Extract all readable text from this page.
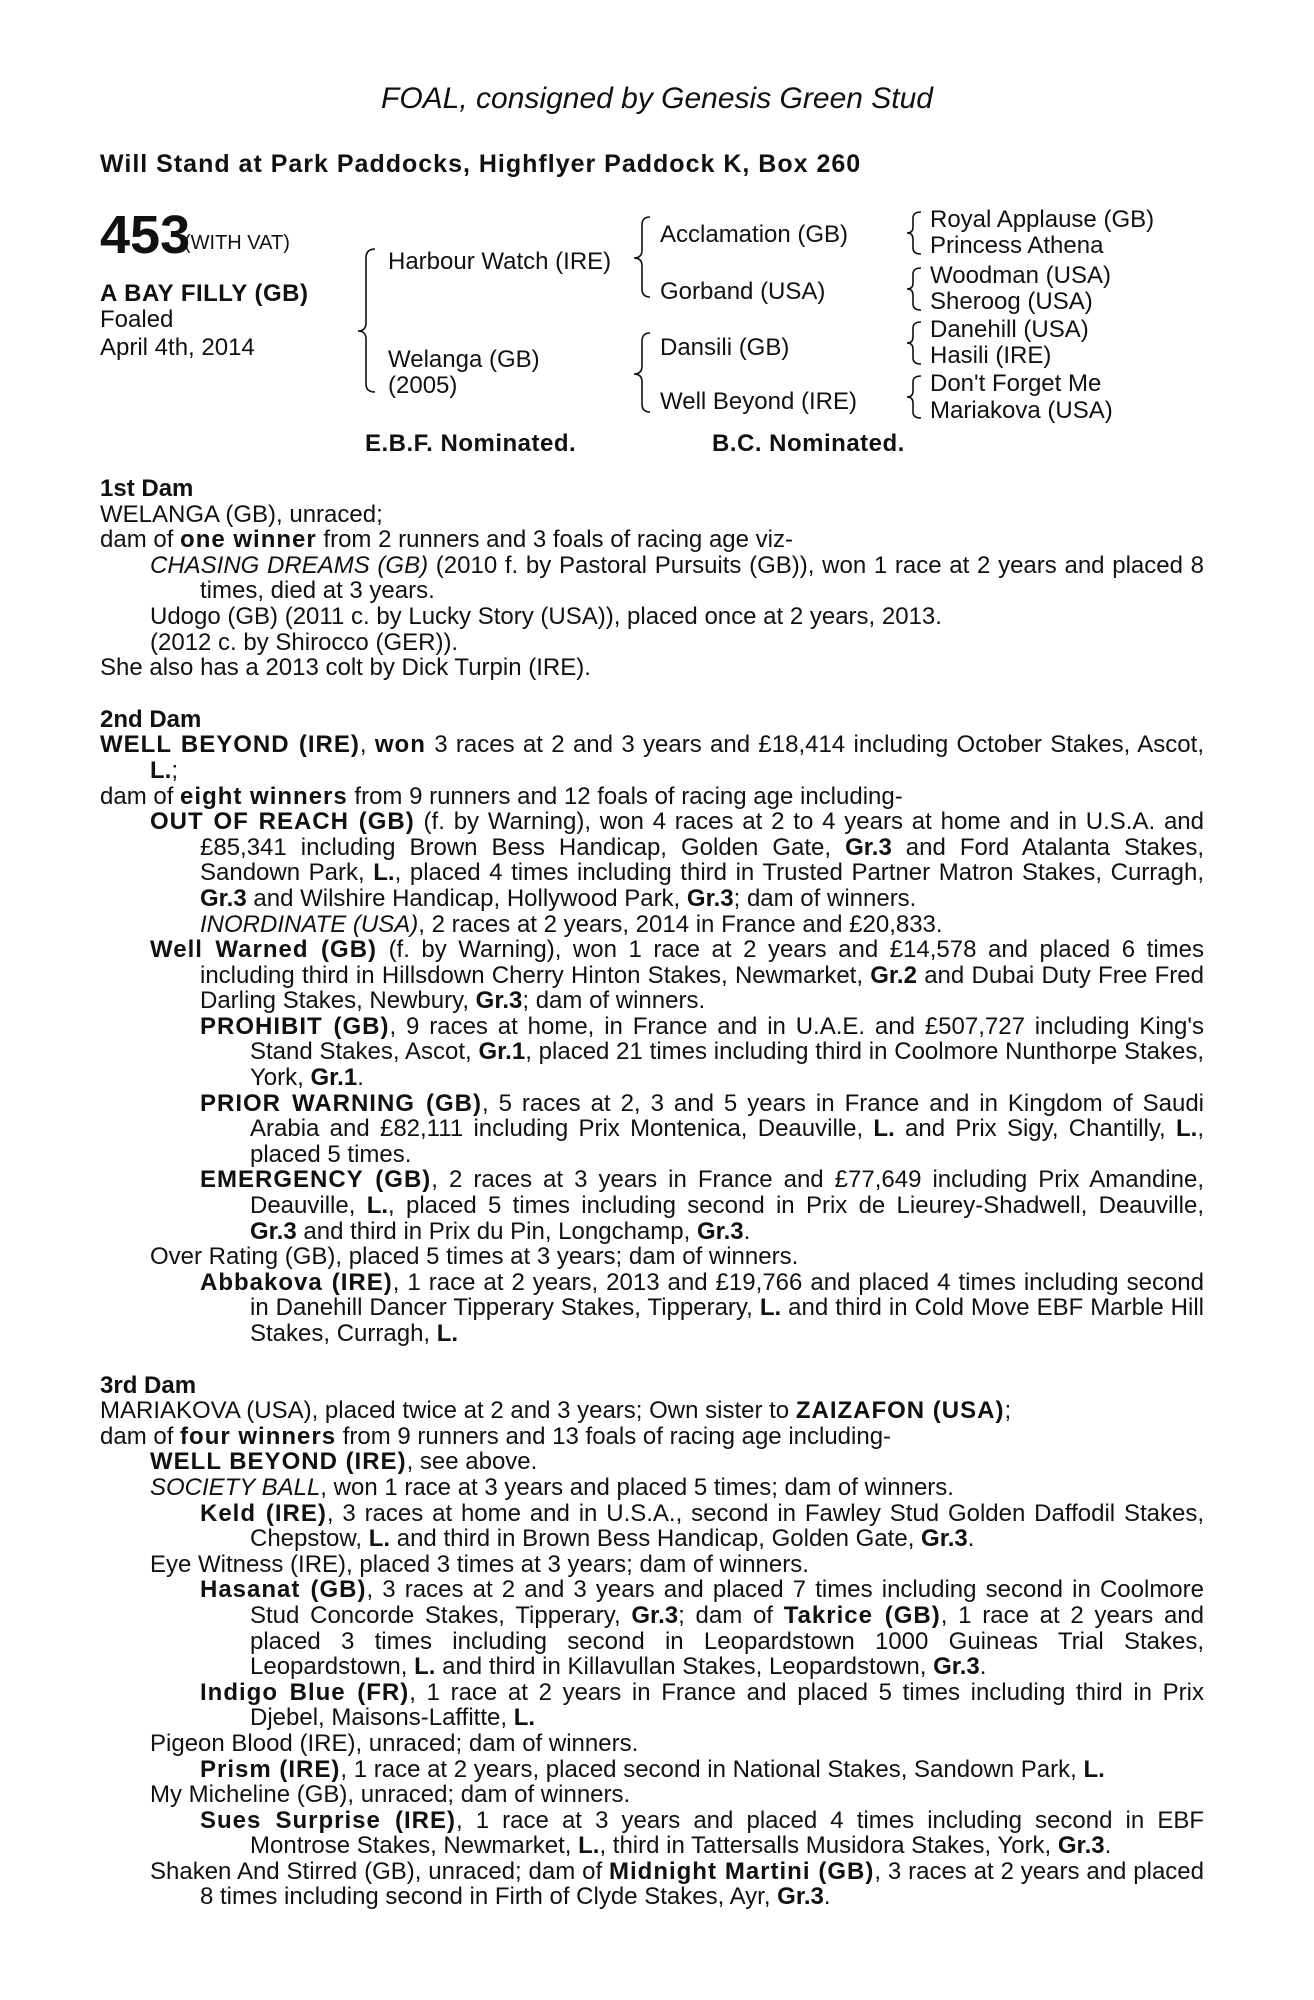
FOAL, consigned by Genesis Green Stud
Will Stand at Park Paddocks, Highflyer Paddock K, Box 260
453
(WITH VAT)
A BAY FILLY (GB)
Foaled
April 4th, 2014
Harbour Watch (IRE)
Welanga (GB)
(2005)
Acclamation (GB)
Gorband (USA)
Dansili (GB)
Well Beyond (IRE)
Royal Applause (GB)
Princess Athena
Woodman (USA)
Sheroog (USA)
Danehill (USA)
Hasili (IRE)
Don't Forget Me
Mariakova (USA)
E.B.F. Nominated.	B.C. Nominated.
1st Dam
WELANGA (GB), unraced;
dam of one winner from 2 runners and 3 foals of racing age viz-
CHASING DREAMS (GB) (2010 f. by Pastoral Pursuits (GB)), won 1 race at 2 years and placed 8 times, died at 3 years.
Udogo (GB) (2011 c. by Lucky Story (USA)), placed once at 2 years, 2013.
(2012 c. by Shirocco (GER)).
She also has a 2013 colt by Dick Turpin (IRE).
2nd Dam
WELL BEYOND (IRE), won 3 races at 2 and 3 years and £18,414 including October Stakes, Ascot, L.;
dam of eight winners from 9 runners and 12 foals of racing age including-
OUT OF REACH (GB) (f. by Warning), won 4 races at 2 to 4 years at home and in U.S.A. and £85,341 including Brown Bess Handicap, Golden Gate, Gr.3 and Ford Atalanta Stakes, Sandown Park, L., placed 4 times including third in Trusted Partner Matron Stakes, Curragh, Gr.3 and Wilshire Handicap, Hollywood Park, Gr.3; dam of winners.
INORDINATE (USA), 2 races at 2 years, 2014 in France and £20,833.
Well Warned (GB) (f. by Warning), won 1 race at 2 years and £14,578 and placed 6 times including third in Hillsdown Cherry Hinton Stakes, Newmarket, Gr.2 and Dubai Duty Free Fred Darling Stakes, Newbury, Gr.3; dam of winners.
PROHIBIT (GB), 9 races at home, in France and in U.A.E. and £507,727 including King's Stand Stakes, Ascot, Gr.1, placed 21 times including third in Coolmore Nunthorpe Stakes, York, Gr.1.
PRIOR WARNING (GB), 5 races at 2, 3 and 5 years in France and in Kingdom of Saudi Arabia and £82,111 including Prix Montenica, Deauville, L. and Prix Sigy, Chantilly, L., placed 5 times.
EMERGENCY (GB), 2 races at 3 years in France and £77,649 including Prix Amandine, Deauville, L., placed 5 times including second in Prix de Lieurey-Shadwell, Deauville, Gr.3 and third in Prix du Pin, Longchamp, Gr.3.
Over Rating (GB), placed 5 times at 3 years; dam of winners.
Abbakova (IRE), 1 race at 2 years, 2013 and £19,766 and placed 4 times including second in Danehill Dancer Tipperary Stakes, Tipperary, L. and third in Cold Move EBF Marble Hill Stakes, Curragh, L.
3rd Dam
MARIAKOVA (USA), placed twice at 2 and 3 years; Own sister to ZAIZAFON (USA);
dam of four winners from 9 runners and 13 foals of racing age including-
WELL BEYOND (IRE), see above.
SOCIETY BALL, won 1 race at 3 years and placed 5 times; dam of winners.
Keld (IRE), 3 races at home and in U.S.A., second in Fawley Stud Golden Daffodil Stakes, Chepstow, L. and third in Brown Bess Handicap, Golden Gate, Gr.3.
Eye Witness (IRE), placed 3 times at 3 years; dam of winners.
Hasanat (GB), 3 races at 2 and 3 years and placed 7 times including second in Coolmore Stud Concorde Stakes, Tipperary, Gr.3; dam of Takrice (GB), 1 race at 2 years and placed 3 times including second in Leopardstown 1000 Guineas Trial Stakes, Leopardstown, L. and third in Killavullan Stakes, Leopardstown, Gr.3.
Indigo Blue (FR), 1 race at 2 years in France and placed 5 times including third in Prix Djebel, Maisons-Laffitte, L.
Pigeon Blood (IRE), unraced; dam of winners.
Prism (IRE), 1 race at 2 years, placed second in National Stakes, Sandown Park, L.
My Micheline (GB), unraced; dam of winners.
Sues Surprise (IRE), 1 race at 3 years and placed 4 times including second in EBF Montrose Stakes, Newmarket, L., third in Tattersalls Musidora Stakes, York, Gr.3.
Shaken And Stirred (GB), unraced; dam of Midnight Martini (GB), 3 races at 2 years and placed 8 times including second in Firth of Clyde Stakes, Ayr, Gr.3.
